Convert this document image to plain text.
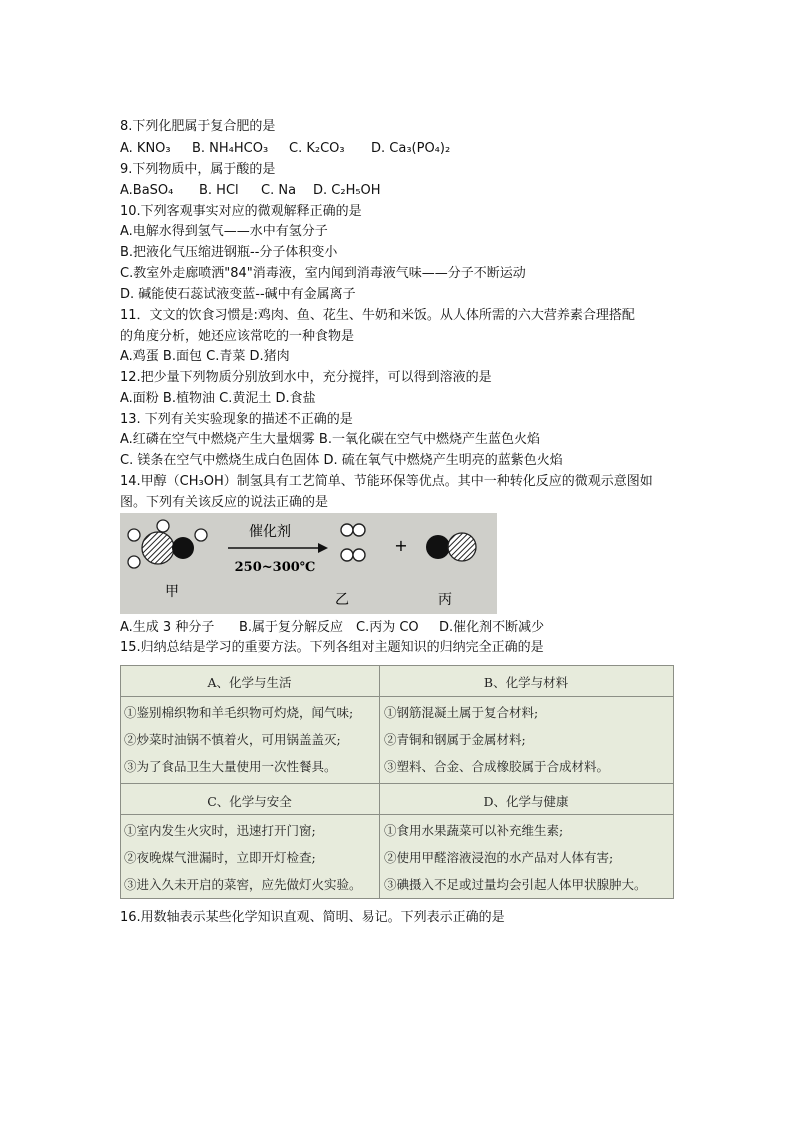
8.下列化肥属于复合肥的是
A. KNO₃ B. NH₄HCO₃ C. K₂CO₃ D. Ca₃(PO₄)₂
9.下列物质中，属于酸的是
A.BaSO₄ B. HCl C. Na D. C₂H₅OH
10.下列客观事实对应的微观解释正确的是
A.电解水得到氢气——水中有氢分子
B.把液化气压缩进钢瓶--分子体积变小
C.教室外走廊喷洒"84"消毒液，室内闻到消毒液气味——分子不断运动
D. 碱能使石蕊试液变蓝--碱中有金属离子
11．文文的饮食习惯是:鸡肉、鱼、花生、牛奶和米饭。从人体所需的六大营养素合理搭配
的角度分析，她还应该常吃的一种食物是
A.鸡蛋 B.面包 C.青菜 D.猪肉
12.把少量下列物质分别放到水中，充分搅拌，可以得到溶液的是
A.面粉 B.植物油 C.黄泥土 D.食盐
13. 下列有关实验现象的描述不正确的是
A.红磷在空气中燃烧产生大量烟雾 B.一氧化碳在空气中燃烧产生蓝色火焰
C. 镁条在空气中燃烧生成白色固体 D. 硫在氧气中燃烧产生明亮的蓝紫色火焰
14.甲醇（CH₃OH）制氢具有工艺简单、节能环保等优点。其中一种转化反应的微观示意图如
图。下列有关该反应的说法正确的是
催化剂
250~300℃
+
甲	乙	丙
A.生成 3 种分子 B.属于复分解反应 C.丙为 CO D.催化剂不断减少
15.归纳总结是学习的重要方法。下列各组对主题知识的归纳完全正确的是
A、化学与生活
①鉴别棉织物和羊毛织物可灼烧，闻气味;
②炒菜时油锅不慎着火，可用锅盖盖灭;
③为了食品卫生大量使用一次性餐具。
B、化学与材料
①钢筋混凝土属于复合材料;
②青铜和钢属于金属材料;
③塑料、合金、合成橡胶属于合成材料。
C、化学与安全
①室内发生火灾时，迅速打开门窗;
②夜晚煤气泄漏时，立即开灯检查;
③进入久未开启的菜窖，应先做灯火实验。
D、化学与健康
①食用水果蔬菜可以补充维生素;
②使用甲醛溶液浸泡的水产品对人体有害;
③碘摄入不足或过量均会引起人体甲状腺肿大。
16.用数轴表示某些化学知识直观、简明、易记。下列表示正确的是
